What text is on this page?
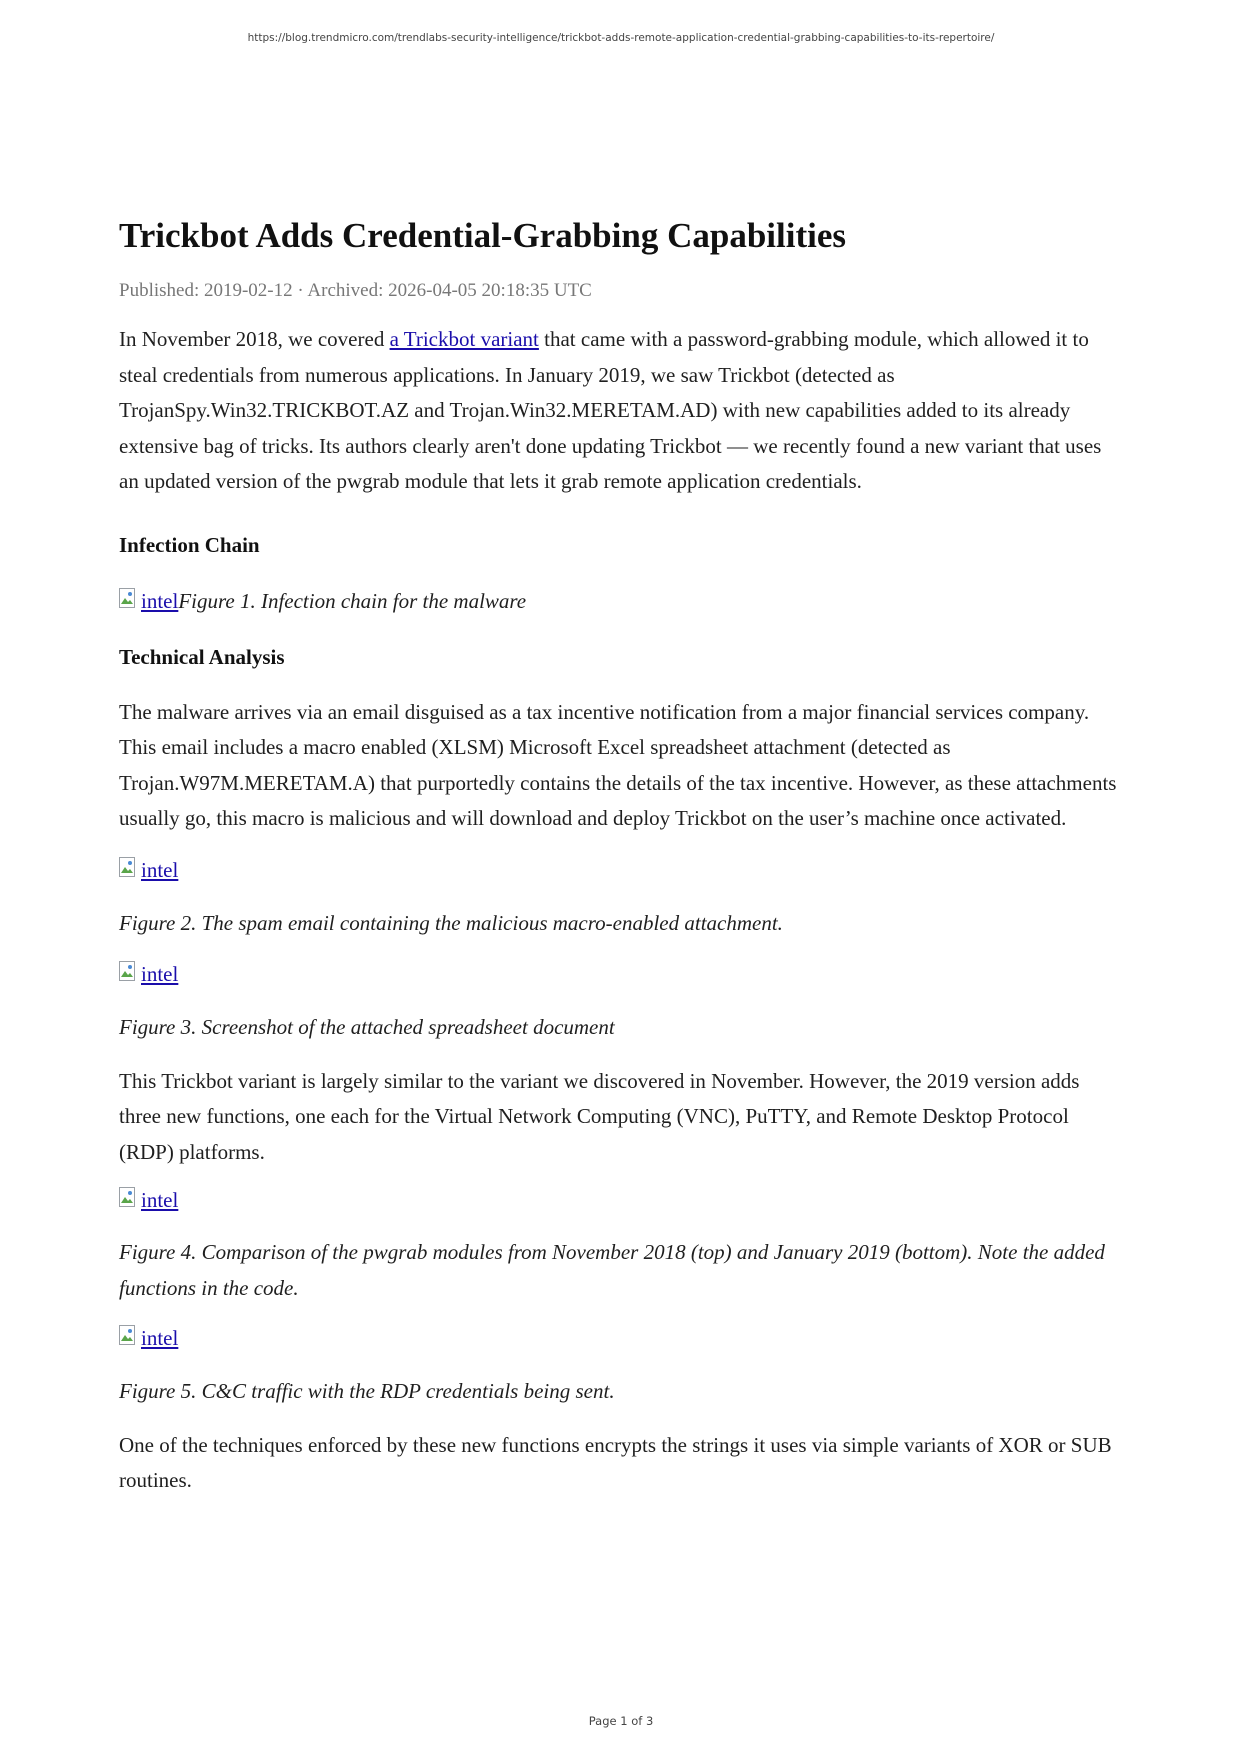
https://blog.trendmicro.com/trendlabs-security-intelligence/trickbot-adds-remote-application-credential-grabbing-capabilities-to-its-repertoire/
Trickbot Adds Credential-Grabbing Capabilities
Published: 2019-02-12 · Archived: 2026-04-05 20:18:35 UTC

In November 2018, we covered a Trickbot variant that came with a password-grabbing module, which allowed it to steal credentials from numerous applications. In January 2019, we saw Trickbot (detected as TrojanSpy.Win32.TRICKBOT.AZ and Trojan.Win32.MERETAM.AD) with new capabilities added to its already extensive bag of tricks. Its authors clearly aren't done updating Trickbot — we recently found a new variant that uses an updated version of the pwgrab module that lets it grab remote application credentials.

Infection Chain
intel Figure 1. Infection chain for the malware
Technical Analysis

The malware arrives via an email disguised as a tax incentive notification from a major financial services company. This email includes a macro enabled (XLSM) Microsoft Excel spreadsheet attachment (detected as Trojan.W97M.MERETAM.A) that purportedly contains the details of the tax incentive. However, as these attachments usually go, this macro is malicious and will download and deploy Trickbot on the user’s machine once activated.

intel

Figure 2. The spam email containing the malicious macro-enabled attachment.

intel

Figure 3. Screenshot of the attached spreadsheet document

This Trickbot variant is largely similar to the variant we discovered in November. However, the 2019 version adds three new functions, one each for the Virtual Network Computing (VNC), PuTTY, and Remote Desktop Protocol (RDP) platforms.

intel

Figure 4. Comparison of the pwgrab modules from November 2018 (top) and January 2019 (bottom). Note the added functions in the code.

intel

Figure 5. C&C traffic with the RDP credentials being sent.

One of the techniques enforced by these new functions encrypts the strings it uses via simple variants of XOR or SUB routines.

Page 1 of 3
